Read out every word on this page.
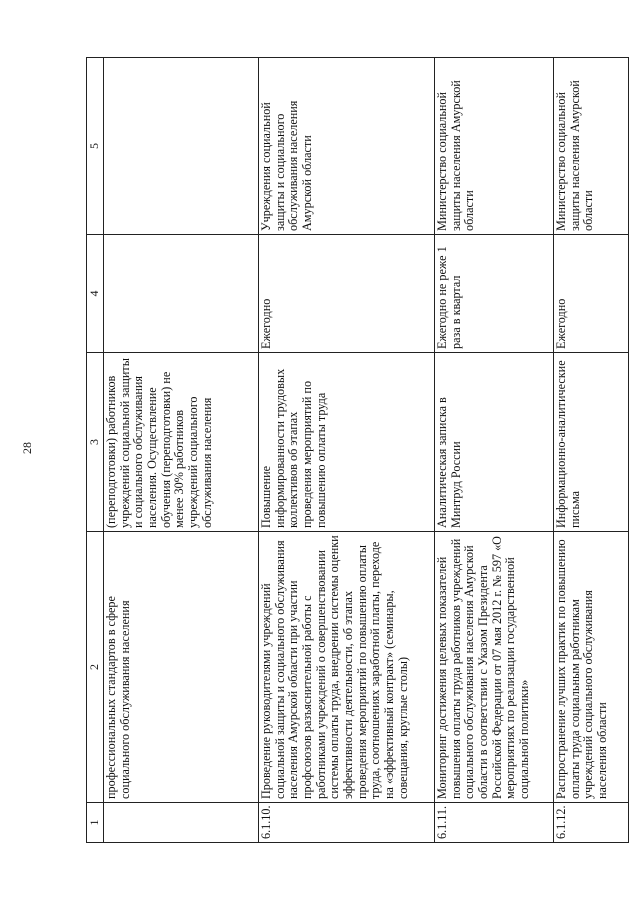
28
1	2	3	4	5
	профессиональных стандартов в сфере социального обслуживания населения	(переподготовки) работников учреждений социальной защиты и социального обслуживания населения. Осуществление обучения (переподготовки) не менее 30% работников учреждений социального обслуживания населения		
6.1.10.	Проведение руководителями учреждений социальной защиты и социального обслуживания населения Амурской области при участии профсоюзов разъяснительной работы с работниками учреждений о совершенствовании системы оплаты труда, внедрении системы оценки эффективности деятельности, об этапах проведения мероприятий по повышению оплаты труда, соотношениях заработной платы, переходе на «эффективный контракт» (семинары, совещания, круглые столы)	Повышение информированности трудовых коллективов об этапах проведения мероприятий по повышению оплаты труда	Ежегодно	Учреждения социальной защиты и социального обслуживания населения Амурской области
6.1.11.	Мониторинг достижения целевых показателей повышения оплаты труда работников учреждений социального обслуживания населения Амурской области в соответствии с Указом Президента Российской Федерации от 07 мая 2012 г. № 597 «О мероприятиях по реализации государственной социальной политики»	Аналитическая записка в Минтруд России	Ежегодно не реже 1 раза в квартал	Министерство социальной защиты населения Амурской области
6.1.12.	Распространение лучших практик по повышению оплаты труда социальным работникам учреждений социального обслуживания населения области	Информационно-аналитические письма	Ежегодно	Министерство социальной защиты населения Амурской области
